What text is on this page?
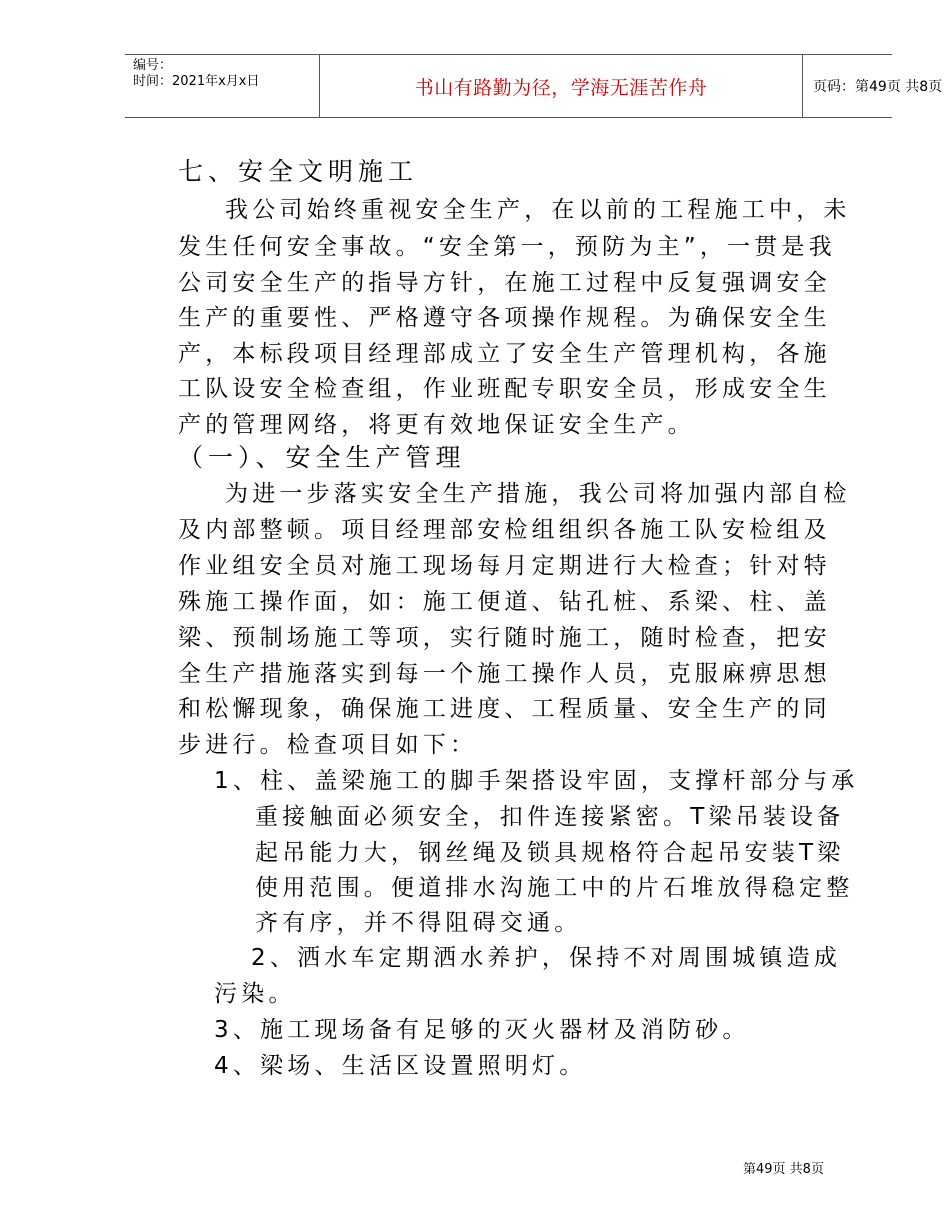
编号：
时间：2021年x月x日	书山有路勤为径，学海无涯苦作舟	页码：第49页 共8页
七、安全文明施工
我公司始终重视安全生产，在以前的工程施工中，未
发生任何安全事故。“安全第一，预防为主”，一贯是我
公司安全生产的指导方针，在施工过程中反复强调安全
生产的重要性、严格遵守各项操作规程。为确保安全生
产，本标段项目经理部成立了安全生产管理机构，各施
工队设安全检查组，作业班配专职安全员，形成安全生
产的管理网络，将更有效地保证安全生产。
（一）、安全生产管理
为进一步落实安全生产措施，我公司将加强内部自检
及内部整顿。项目经理部安检组组织各施工队安检组及
作业组安全员对施工现场每月定期进行大检查；针对特
殊施工操作面，如：施工便道、钻孔桩、系梁、柱、盖
梁、预制场施工等项，实行随时施工，随时检查，把安
全生产措施落实到每一个施工操作人员，克服麻痹思想
和松懈现象，确保施工进度、工程质量、安全生产的同
步进行。检查项目如下：
1、柱、盖梁施工的脚手架搭设牢固，支撑杆部分与承
重接触面必须安全，扣件连接紧密。T梁吊装设备
起吊能力大，钢丝绳及锁具规格符合起吊安装T梁
使用范围。便道排水沟施工中的片石堆放得稳定整
齐有序，并不得阻碍交通。
2、洒水车定期洒水养护，保持不对周围城镇造成
污染。
3、施工现场备有足够的灭火器材及消防砂。
4、梁场、生活区设置照明灯。
第49页 共8页
